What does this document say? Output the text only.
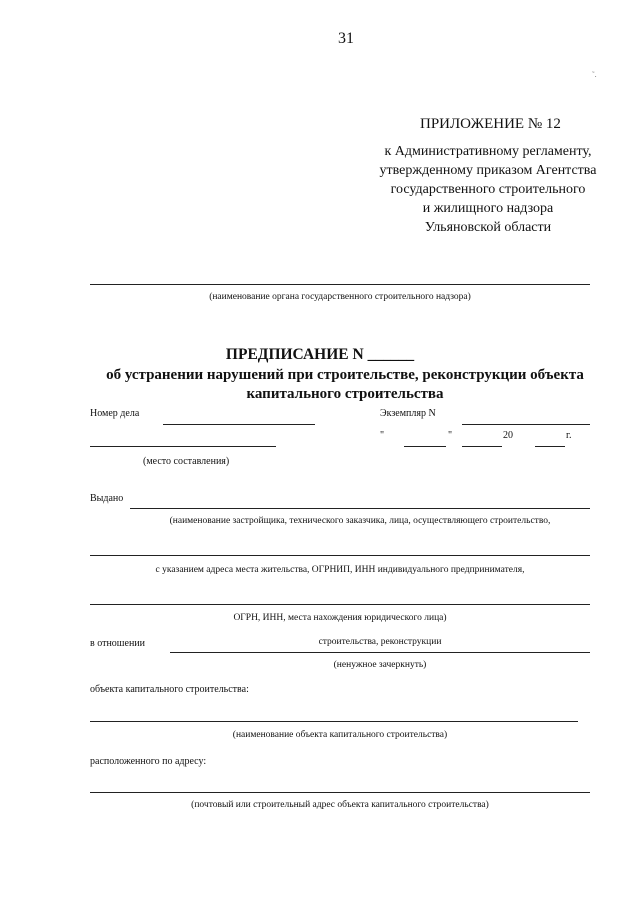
˜.
31
ПРИЛОЖЕНИЕ № 12
к Административному регламенту,
утвержденному приказом Агентства
государственного строительного
и жилищного надзора
Ульяновской области
(наименование органа государственного строительного надзора)
ПРЕДПИСАНИЕ N ______
об устранении нарушений при строительстве, реконструкции объекта капитального строительства
Номер дела	Экземпляр N
"	"	20	г.
(место составления)
Выдано
(наименование застройщика, технического заказчика, лица, осуществляющего строительство,
с указанием адреса места жительства, ОГРНИП, ИНН индивидуального предпринимателя,
ОГРН, ИНН, места нахождения юридического лица)
в отношении	строительства, реконструкции
(ненужное зачеркнуть)
объекта капитального строительства:
(наименование объекта капитального строительства)
расположенного по адресу:
(почтовый или строительный адрес объекта капитального строительства)
